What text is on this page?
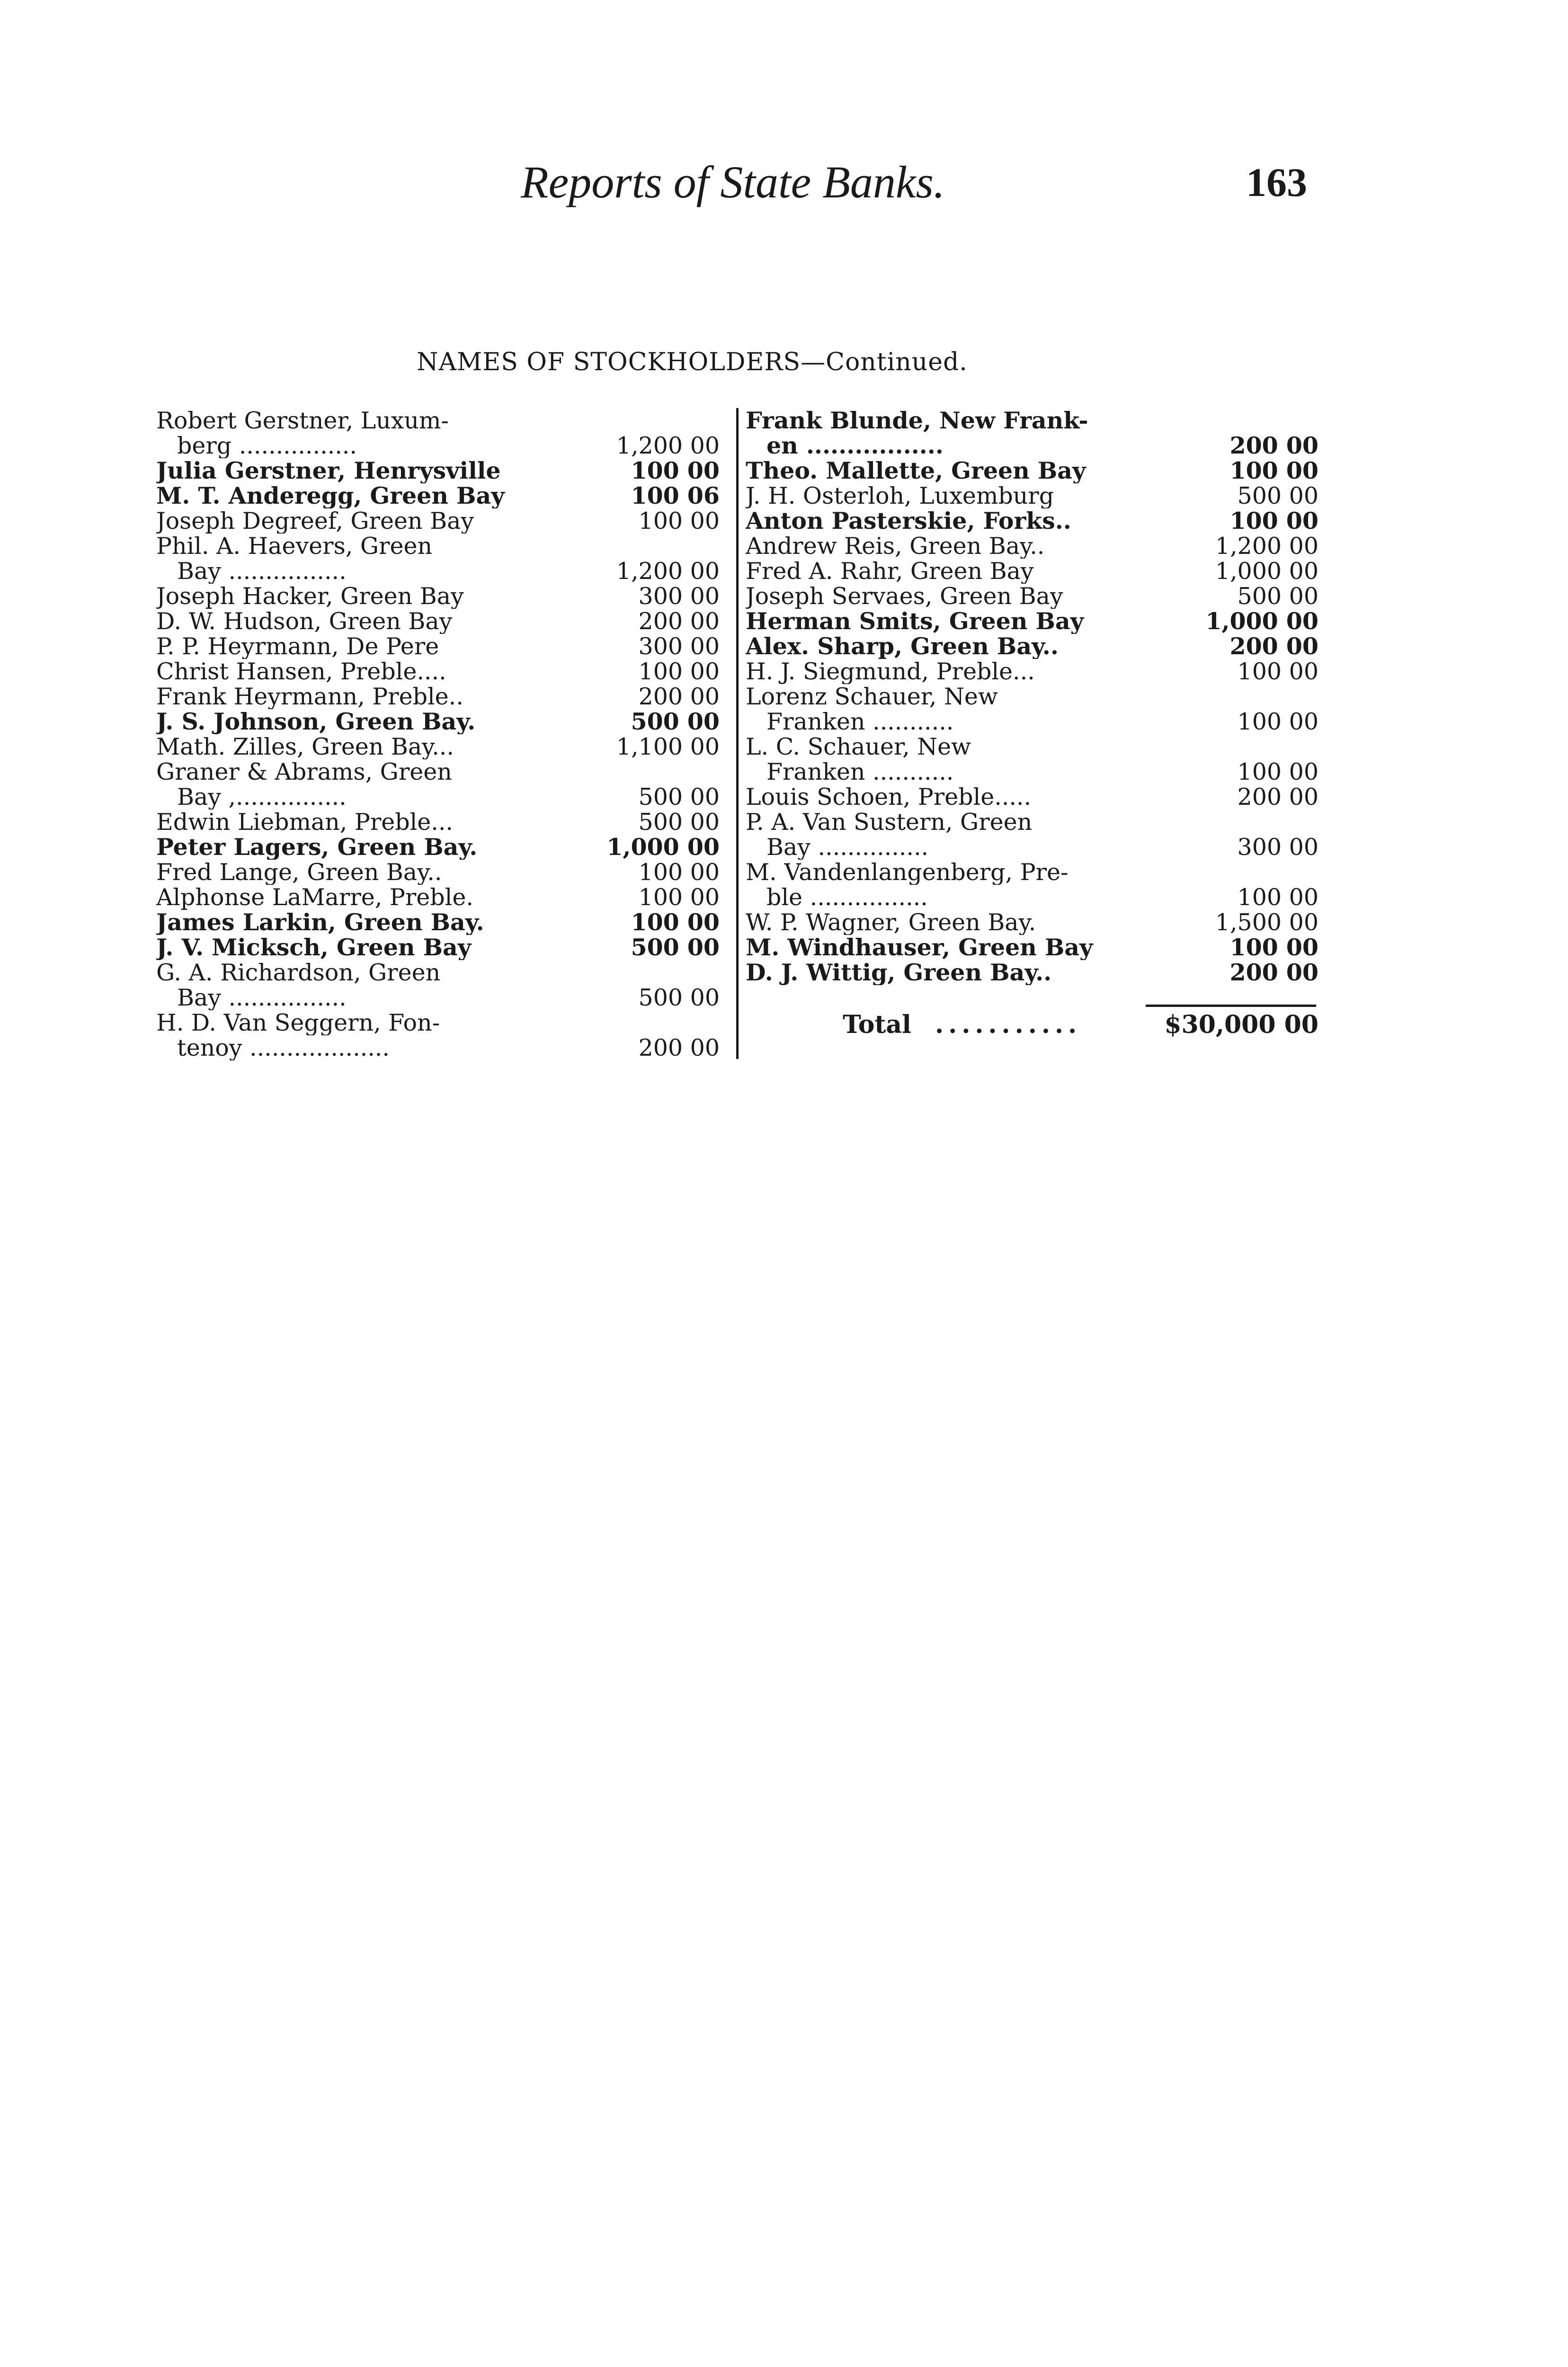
Reports of State Banks.	163
NAMES OF STOCKHOLDERS—Continued.
Robert Gerstner, Luxum-
berg ................	1,200 00
Julia Gerstner, Henrysville	100 00
M. T. Anderegg, Green Bay	100 06
Joseph Degreef, Green Bay	100 00
Phil. A. Haevers, Green
Bay ................	1,200 00
Joseph Hacker, Green Bay	300 00
D. W. Hudson, Green Bay	200 00
P. P. Heyrmann, De Pere	300 00
Christ Hansen, Preble....	100 00
Frank Heyrmann, Preble..	200 00
J. S. Johnson, Green Bay.	500 00
Math. Zilles, Green Bay...	1,100 00
Graner & Abrams, Green
Bay ,...............	500 00
Edwin Liebman, Preble...	500 00
Peter Lagers, Green Bay.	1,000 00
Fred Lange, Green Bay..	100 00
Alphonse LaMarre, Preble.	100 00
James Larkin, Green Bay.	100 00
J. V. Micksch, Green Bay	500 00
G. A. Richardson, Green
Bay ................	500 00
H. D. Van Seggern, Fon-
tenoy ...................	200 00
Frank Blunde, New Frank-
en .................	200 00
Theo. Mallette, Green Bay	100 00
J. H. Osterloh, Luxemburg	500 00
Anton Pasterskie, Forks..	100 00
Andrew Reis, Green Bay..	1,200 00
Fred A. Rahr, Green Bay	1,000 00
Joseph Servaes, Green Bay	500 00
Herman Smits, Green Bay	1,000 00
Alex. Sharp, Green Bay..	200 00
H. J. Siegmund, Preble...	100 00
Lorenz Schauer, New
Franken ...........	100 00
L. C. Schauer, New
Franken ...........	100 00
Louis Schoen, Preble.....	200 00
P. A. Van Sustern, Green
Bay ...............	300 00
M. Vandenlangenberg, Pre-
ble ................	100 00
W. P. Wagner, Green Bay.	1,500 00
M. Windhauser, Green Bay	100 00
D. J. Wittig, Green Bay..	200 00
Total ...........	$30,000 00
